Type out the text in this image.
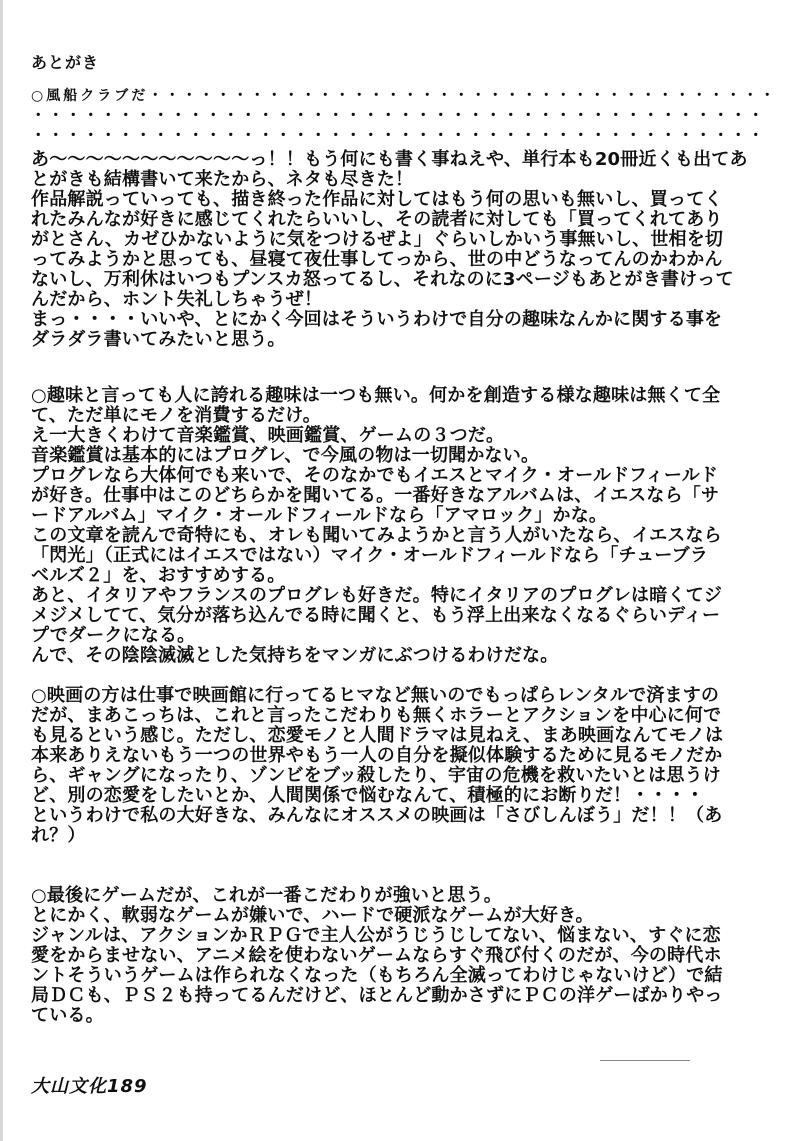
あとがき
○風船クラブだ・・・・・・・・・・・・・・・・・・・・・・・・・・・・・・・・・・・・・
・・・・・・・・・・・・・・・・・・・・・・・・・・・・・・・・・・・・・・・・・・
・・・・・・・・・・・・・・・・・・・・・・・・・・・・・・・・・・・・・・・・・・
あ〜〜〜〜〜〜〜〜〜〜〜っ！！もう何にも書く事ねえや、単行本も20冊近くも出てあ
とがきも結構書いて来たから、ネタも尽きた！
作品解説っていっても、描き終った作品に対してはもう何の思いも無いし、買ってく
れたみんなが好きに感じてくれたらいいし、その読者に対しても「買ってくれてあり
がとさん、カゼひかないように気をつけるぜよ」ぐらいしかいう事無いし、世相を切
ってみようかと思っても、昼寝て夜仕事してっから、世の中どうなってんのかわかん
ないし、万利休はいつもプンスカ怒ってるし、それなのに3ページもあとがき書けって
んだから、ホント失礼しちゃうぜ！
まっ・・・・いいや、とにかく今回はそういうわけで自分の趣味なんかに関する事を
ダラダラ書いてみたいと思う。
○趣味と言っても人に誇れる趣味は一つも無い。何かを創造する様な趣味は無くて全
て、ただ単にモノを消費するだけ。
え一大きくわけて音楽鑑賞、映画鑑賞、ゲームの３つだ。
音楽鑑賞は基本的にはプログレ、で今風の物は一切聞かない。
プログレなら大体何でも来いで、そのなかでもイエスとマイク・オールドフィールド
が好き。仕事中はこのどちらかを聞いてる。一番好きなアルバムは、イエスなら「サ
ードアルバム」マイク・オールドフィールドなら「アマロック」かな。
この文章を読んで奇特にも、オレも聞いてみようかと言う人がいたなら、イエスなら
「閃光」（正式にはイエスではない）マイク・オールドフィールドなら「チューブラ
ベルズ２」を、おすすめする。
あと、イタリアやフランスのプログレも好きだ。特にイタリアのプログレは暗くてジ
メジメしてて、気分が落ち込んでる時に聞くと、もう浮上出来なくなるぐらいディー
プでダークになる。
んで、その陰陰滅滅とした気持ちをマンガにぶつけるわけだな。
○映画の方は仕事で映画館に行ってるヒマなど無いのでもっぱらレンタルで済ますの
だが、まあこっちは、これと言ったこだわりも無くホラーとアクションを中心に何で
も見るという感じ。ただし、恋愛モノと人間ドラマは見ねえ、まあ映画なんてモノは
本来ありえないもう一つの世界やもう一人の自分を擬似体験するために見るモノだか
ら、ギャングになったり、ゾンビをブッ殺したり、宇宙の危機を救いたいとは思うけ
ど、別の恋愛をしたいとか、人間関係で悩むなんて、積極的にお断りだ！・・・・
というわけで私の大好きな、みんなにオススメの映画は「さびしんぼう」だ！！（あ
れ？）
○最後にゲームだが、これが一番こだわりが強いと思う。
とにかく、軟弱なゲームが嫌いで、ハードで硬派なゲームが大好き。
ジャンルは、アクションかＲＰＧで主人公がうじうじしてない、悩まない、すぐに恋
愛をからませない、アニメ絵を使わないゲームならすぐ飛び付くのだが、今の時代ホ
ントそういうゲームは作られなくなった（もちろん全滅ってわけじゃないけど）で結
局ＤＣも、ＰＳ２も持ってるんだけど、ほとんど動かさずにＰＣの洋ゲーばかりやっ
ている。
大山文化189
